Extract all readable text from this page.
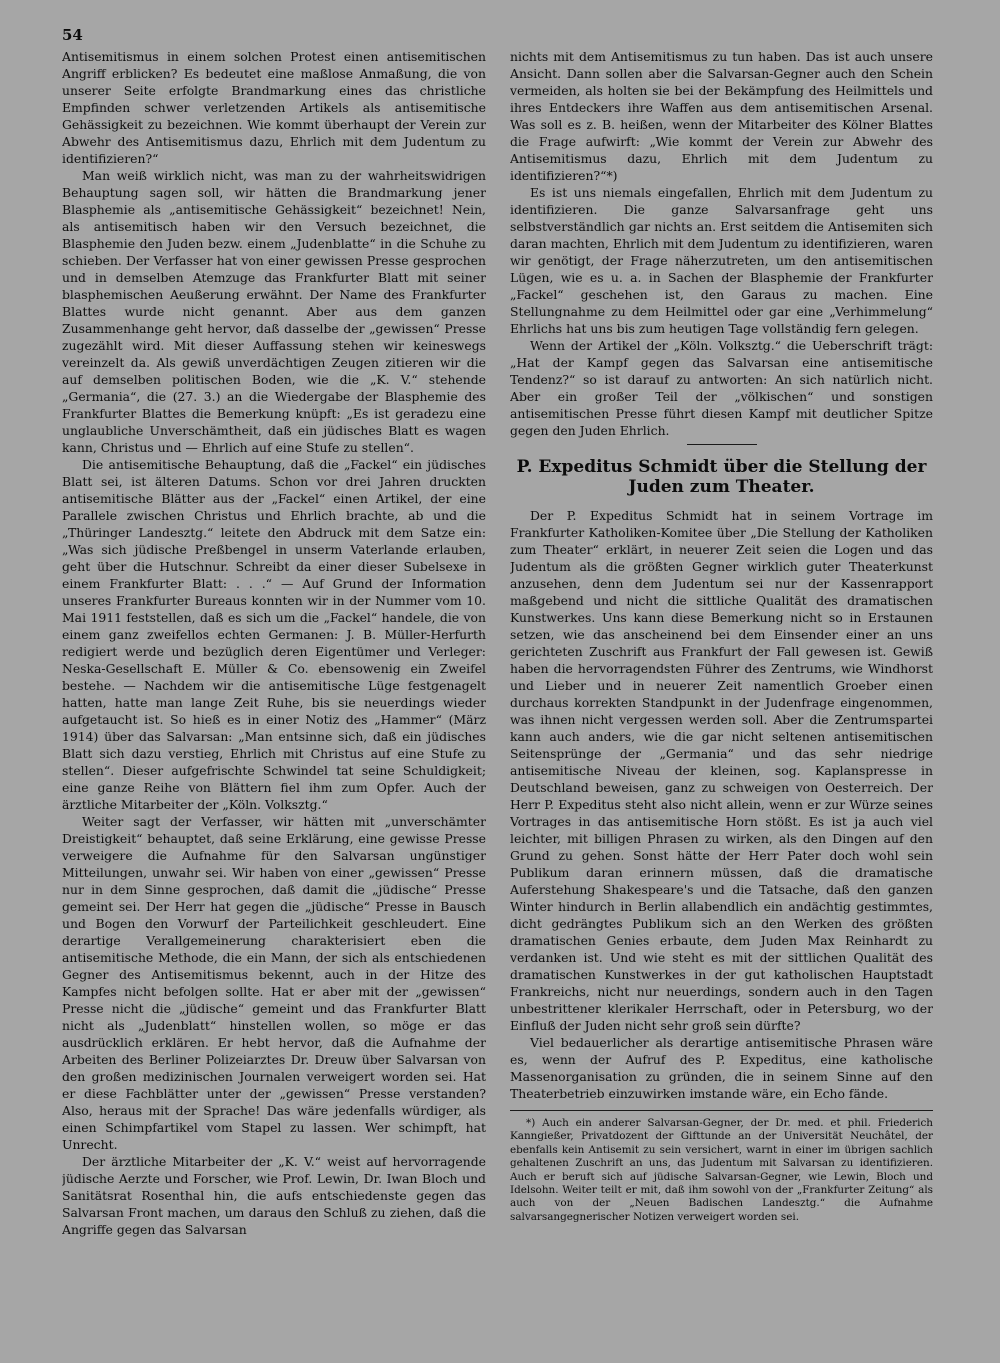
54

Antisemitismus in einem solchen Protest einen antisemitischen Angriff erblicken? Es bedeutet eine maßlose Anmaßung, die von unserer Seite erfolgte Brandmarkung eines das christliche Empfinden schwer verletzenden Artikels als antisemitische Gehässigkeit zu bezeichnen. Wie kommt überhaupt der Verein zur Abwehr des Antisemitismus dazu, Ehrlich mit dem Judentum zu identifizieren?“

Man weiß wirklich nicht, was man zu der wahrheitswidrigen Behauptung sagen soll, wir hätten die Brandmarkung jener Blasphemie als „antisemitische Gehässigkeit“ bezeichnet! Nein, als antisemitisch haben wir den Versuch bezeichnet, die Blasphemie den Juden bezw. einem „Judenblatte“ in die Schuhe zu schieben. Der Verfasser hat von einer gewissen Presse gesprochen und in demselben Atemzuge das Frankfurter Blatt mit seiner blasphemischen Aeußerung erwähnt. Der Name des Frankfurter Blattes wurde nicht genannt. Aber aus dem ganzen Zusammenhange geht hervor, daß dasselbe der „gewissen“ Presse zugezählt wird. Mit dieser Auffassung stehen wir keineswegs vereinzelt da. Als gewiß unverdächtigen Zeugen zitieren wir die auf demselben politischen Boden, wie die „K. V.“ stehende „Germania“, die (27. 3.) an die Wiedergabe der Blasphemie des Frankfurter Blattes die Bemerkung knüpft: „Es ist geradezu eine unglaubliche Unverschämtheit, daß ein jüdisches Blatt es wagen kann, Christus und — Ehrlich auf eine Stufe zu stellen“.

Die antisemitische Behauptung, daß die „Fackel“ ein jüdisches Blatt sei, ist älteren Datums. Schon vor drei Jahren druckten antisemitische Blätter aus der „Fackel“ einen Artikel, der eine Parallele zwischen Christus und Ehrlich brachte, ab und die „Thüringer Landesztg.“ leitete den Abdruck mit dem Satze ein: „Was sich jüdische Preßbengel in unserm Vaterlande erlauben, geht über die Hutschnur. Schreibt da einer dieser Subelsexe in einem Frankfurter Blatt: . . .“ — Auf Grund der Information unseres Frankfurter Bureaus konnten wir in der Nummer vom 10. Mai 1911 feststellen, daß es sich um die „Fackel“ handele, die von einem ganz zweifellos echten Germanen: J. B. Müller-Herfurth redigiert werde und bezüglich deren Eigentümer und Verleger: Neska-Gesellschaft E. Müller & Co. ebensowenig ein Zweifel bestehe. — Nachdem wir die antisemitische Lüge festgenagelt hatten, hatte man lange Zeit Ruhe, bis sie neuerdings wieder aufgetaucht ist. So hieß es in einer Notiz des „Hammer“ (März 1914) über das Salvarsan: „Man entsinne sich, daß ein jüdisches Blatt sich dazu verstieg, Ehrlich mit Christus auf eine Stufe zu stellen“. Dieser aufgefrischte Schwindel tat seine Schuldigkeit; eine ganze Reihe von Blättern fiel ihm zum Opfer. Auch der ärztliche Mitarbeiter der „Köln. Volksztg.“

Weiter sagt der Verfasser, wir hätten mit „unverschämter Dreistigkeit“ behauptet, daß seine Erklärung, eine gewisse Presse verweigere die Aufnahme für den Salvarsan ungünstiger Mitteilungen, unwahr sei. Wir haben von einer „gewissen“ Presse nur in dem Sinne gesprochen, daß damit die „jüdische“ Presse gemeint sei. Der Herr hat gegen die „jüdische“ Presse in Bausch und Bogen den Vorwurf der Parteilichkeit geschleudert. Eine derartige Verallgemeinerung charakterisiert eben die antisemitische Methode, die ein Mann, der sich als entschiedenen Gegner des Antisemitismus bekennt, auch in der Hitze des Kampfes nicht befolgen sollte. Hat er aber mit der „gewissen“ Presse nicht die „jüdische“ gemeint und das Frankfurter Blatt nicht als „Judenblatt“ hinstellen wollen, so möge er das ausdrücklich erklären. Er hebt hervor, daß die Aufnahme der Arbeiten des Berliner Polizeiarztes Dr. Dreuw über Salvarsan von den großen medizinischen Journalen verweigert worden sei. Hat er diese Fachblätter unter der „gewissen“ Presse verstanden? Also, heraus mit der Sprache! Das wäre jedenfalls würdiger, als einen Schimpfartikel vom Stapel zu lassen. Wer schimpft, hat Unrecht.

Der ärztliche Mitarbeiter der „K. V.“ weist auf hervorragende jüdische Aerzte und Forscher, wie Prof. Lewin, Dr. Iwan Bloch und Sanitätsrat Rosenthal hin, die aufs entschiedenste gegen das Salvarsan Front machen, um daraus den Schluß zu ziehen, daß die Angriffe gegen das Salvarsan

nichts mit dem Antisemitismus zu tun haben. Das ist auch unsere Ansicht. Dann sollen aber die Salvarsan-Gegner auch den Schein vermeiden, als holten sie bei der Bekämpfung des Heilmittels und ihres Entdeckers ihre Waffen aus dem antisemitischen Arsenal. Was soll es z. B. heißen, wenn der Mitarbeiter des Kölner Blattes die Frage aufwirft: „Wie kommt der Verein zur Abwehr des Antisemitismus dazu, Ehrlich mit dem Judentum zu identifizieren?“*)

Es ist uns niemals eingefallen, Ehrlich mit dem Judentum zu identifizieren. Die ganze Salvarsanfrage geht uns selbstverständlich gar nichts an. Erst seitdem die Antisemiten sich daran machten, Ehrlich mit dem Judentum zu identifizieren, waren wir genötigt, der Frage näherzutreten, um den antisemitischen Lügen, wie es u. a. in Sachen der Blasphemie der Frankfurter „Fackel“ geschehen ist, den Garaus zu machen. Eine Stellungnahme zu dem Heilmittel oder gar eine „Verhimmelung“ Ehrlichs hat uns bis zum heutigen Tage vollständig fern gelegen.

Wenn der Artikel der „Köln. Volksztg.“ die Ueberschrift trägt: „Hat der Kampf gegen das Salvarsan eine antisemitische Tendenz?“ so ist darauf zu antworten: An sich natürlich nicht. Aber ein großer Teil der „völkischen“ und sonstigen antisemitischen Presse führt diesen Kampf mit deutlicher Spitze gegen den Juden Ehrlich.

P. Expeditus Schmidt über die Stellung der Juden zum Theater.

Der P. Expeditus Schmidt hat in seinem Vortrage im Frankfurter Katholiken-Komitee über „Die Stellung der Katholiken zum Theater“ erklärt, in neuerer Zeit seien die Logen und das Judentum als die größten Gegner wirklich guter Theaterkunst anzusehen, denn dem Judentum sei nur der Kassenrapport maßgebend und nicht die sittliche Qualität des dramatischen Kunstwerkes. Uns kann diese Bemerkung nicht so in Erstaunen setzen, wie das anscheinend bei dem Einsender einer an uns gerichteten Zuschrift aus Frankfurt der Fall gewesen ist. Gewiß haben die hervorragendsten Führer des Zentrums, wie Windhorst und Lieber und in neuerer Zeit namentlich Groeber einen durchaus korrekten Standpunkt in der Judenfrage eingenommen, was ihnen nicht vergessen werden soll. Aber die Zentrumspartei kann auch anders, wie die gar nicht seltenen antisemitischen Seitensprünge der „Germania“ und das sehr niedrige antisemitische Niveau der kleinen, sog. Kaplanspresse in Deutschland beweisen, ganz zu schweigen von Oesterreich. Der Herr P. Expeditus steht also nicht allein, wenn er zur Würze seines Vortrages in das antisemitische Horn stößt. Es ist ja auch viel leichter, mit billigen Phrasen zu wirken, als den Dingen auf den Grund zu gehen. Sonst hätte der Herr Pater doch wohl sein Publikum daran erinnern müssen, daß die dramatische Auferstehung Shakespeare's und die Tatsache, daß den ganzen Winter hindurch in Berlin allabendlich ein andächtig gestimmtes, dicht gedrängtes Publikum sich an den Werken des größten dramatischen Genies erbaute, dem Juden Max Reinhardt zu verdanken ist. Und wie steht es mit der sittlichen Qualität des dramatischen Kunstwerkes in der gut katholischen Hauptstadt Frankreichs, nicht nur neuerdings, sondern auch in den Tagen unbestrittener klerikaler Herrschaft, oder in Petersburg, wo der Einfluß der Juden nicht sehr groß sein dürfte?

Viel bedauerlicher als derartige antisemitische Phrasen wäre es, wenn der Aufruf des P. Expeditus, eine katholische Massenorganisation zu gründen, die in seinem Sinne auf den Theaterbetrieb einzuwirken imstande wäre, ein Echo fände.

*) Auch ein anderer Salvarsan-Gegner, der Dr. med. et phil. Friederich Kanngießer, Privatdozent der Gifttunde an der Universität Neuchâtel, der ebenfalls kein Antisemit zu sein versichert, warnt in einer im übrigen sachlich gehaltenen Zuschrift an uns, das Judentum mit Salvarsan zu identifizieren. Auch er beruft sich auf jüdische Salvarsan-Gegner, wie Lewin, Bloch und Idelsohn. Weiter teilt er mit, daß ihm sowohl von der „Frankfurter Zeitung“ als auch von der „Neuen Badischen Landesztg.“ die Aufnahme salvarsangegnerischer Notizen verweigert worden sei.
